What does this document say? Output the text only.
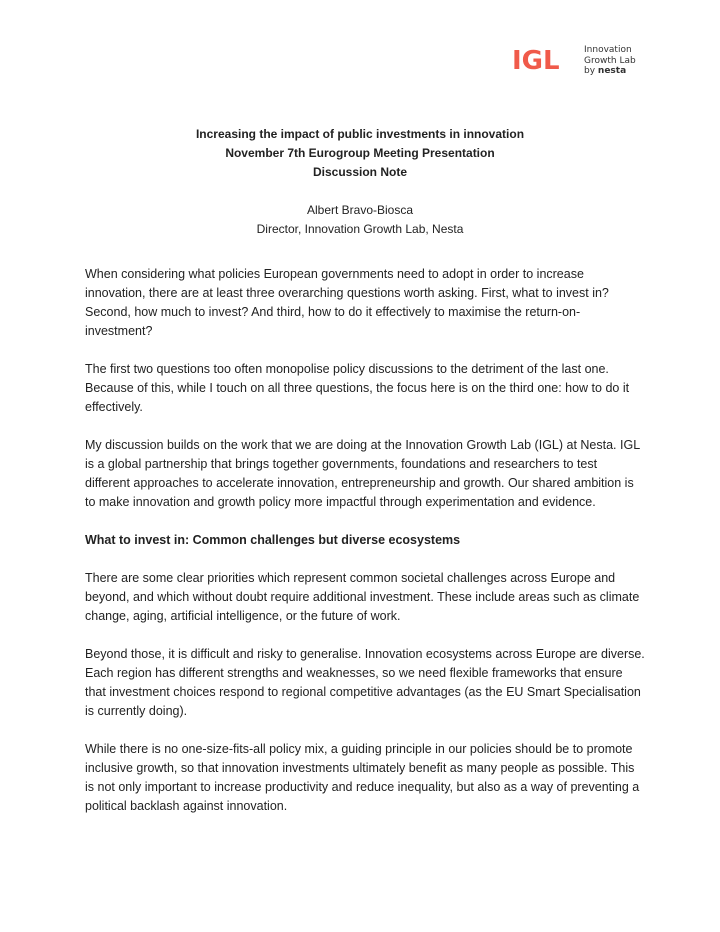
IGL	Innovation
Growth Lab
by nesta
Increasing the impact of public investments in innovation
November 7th Eurogroup Meeting Presentation
Discussion Note
Albert Bravo-Biosca
Director, Innovation Growth Lab, Nesta

When considering what policies European governments need to adopt in order to increase innovation, there are at least three overarching questions worth asking. First, what to invest in? Second, how much to invest? And third, how to do it effectively to maximise the return-on-investment?

The first two questions too often monopolise policy discussions to the detriment of the last one. Because of this, while I touch on all three questions, the focus here is on the third one: how to do it effectively.

My discussion builds on the work that we are doing at the Innovation Growth Lab (IGL) at Nesta. IGL is a global partnership that brings together governments, foundations and researchers to test different approaches to accelerate innovation, entrepreneurship and growth. Our shared ambition is to make innovation and growth policy more impactful through experimentation and evidence.

What to invest in: Common challenges but diverse ecosystems

There are some clear priorities which represent common societal challenges across Europe and beyond, and which without doubt require additional investment. These include areas such as climate change, aging, artificial intelligence, or the future of work.

Beyond those, it is difficult and risky to generalise. Innovation ecosystems across Europe are diverse. Each region has different strengths and weaknesses, so we need flexible frameworks that ensure that investment choices respond to regional competitive advantages (as the EU Smart Specialisation is currently doing).

While there is no one-size-fits-all policy mix, a guiding principle in our policies should be to promote inclusive growth, so that innovation investments ultimately benefit as many people as possible. This is not only important to increase productivity and reduce inequality, but also as a way of preventing a political backlash against innovation.
